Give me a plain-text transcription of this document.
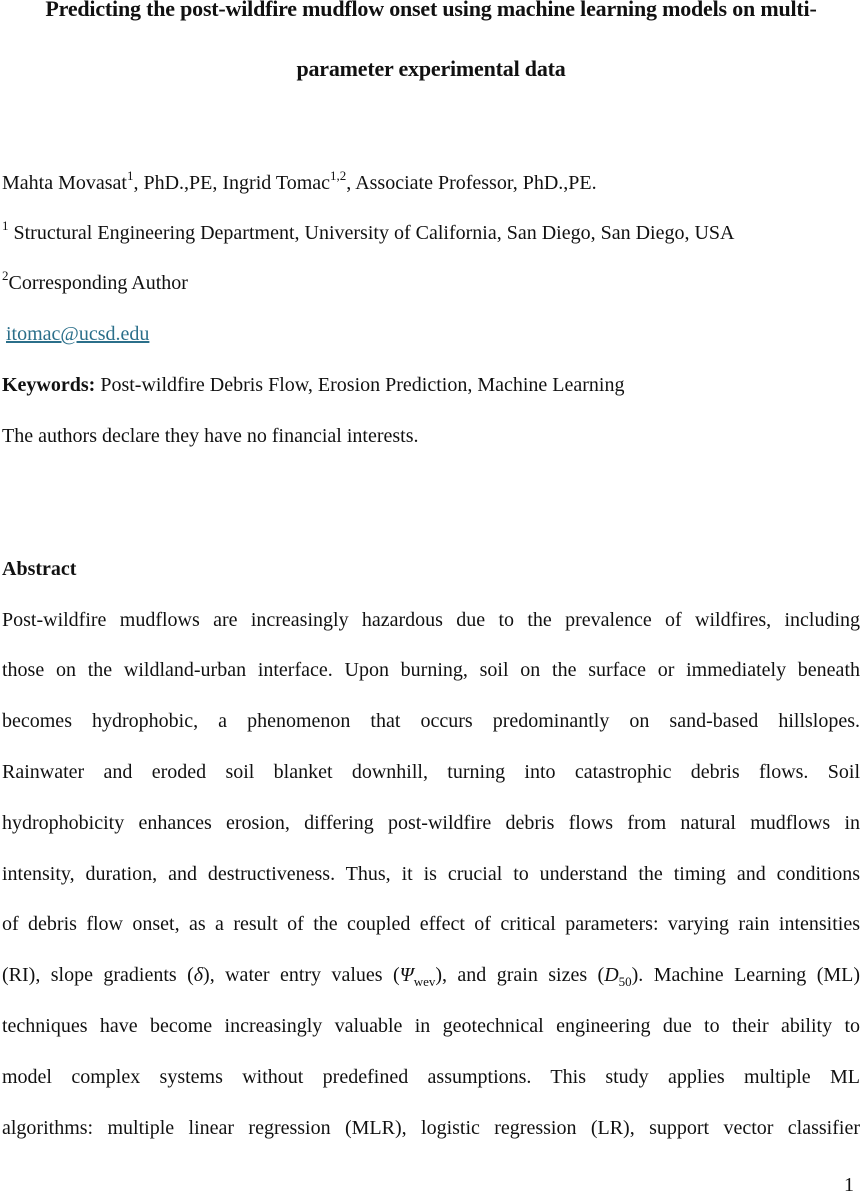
Predicting the post-wildfire mudflow onset using machine learning models on multi-
parameter experimental data
Mahta Movasat$^1$, PhD.,PE, Ingrid Tomac$^{1,2}$, Associate Professor, PhD.,PE.
$^1$ Structural Engineering Department, University of California, San Diego, San Diego, USA
$^2$Corresponding Author
itomac@ucsd.edu
Keywords: Post-wildfire Debris Flow, Erosion Prediction, Machine Learning
The authors declare they have no financial interests.
Abstract
Post-wildfire mudflows are increasingly hazardous due to the prevalence of wildfires, including
those on the wildland-urban interface. Upon burning, soil on the surface or immediately beneath
becomes hydrophobic, a phenomenon that occurs predominantly on sand-based hillslopes.
Rainwater and eroded soil blanket downhill, turning into catastrophic debris flows. Soil
hydrophobicity enhances erosion, differing post-wildfire debris flows from natural mudflows in
intensity, duration, and destructiveness. Thus, it is crucial to understand the timing and conditions
of debris flow onset, as a result of the coupled effect of critical parameters: varying rain intensities
(RI), slope gradients (δ), water entry values $(\Psi_{wev})$, and grain sizes $(D_{50})$. Machine Learning (ML)
techniques have become increasingly valuable in geotechnical engineering due to their ability to
model complex systems without predefined assumptions. This study applies multiple ML
algorithms: multiple linear regression (MLR), logistic regression (LR), support vector classifier
1
